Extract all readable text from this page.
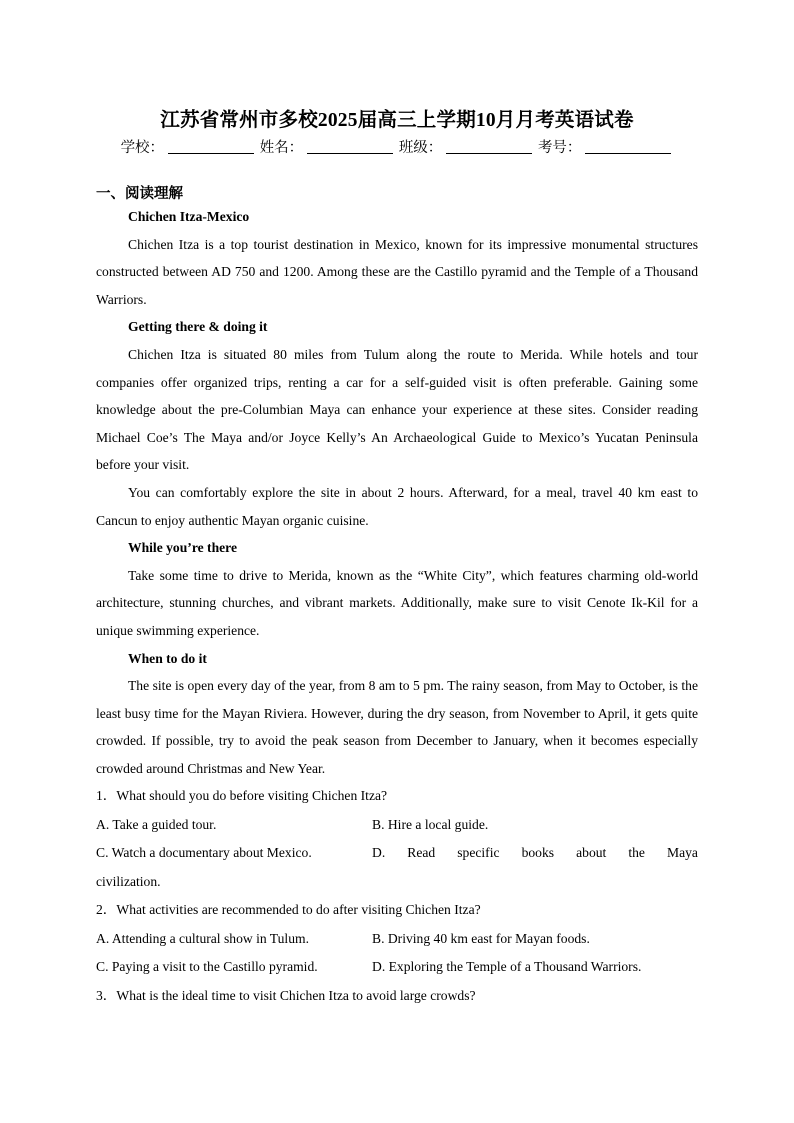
江苏省常州市多校2025届高三上学期10月月考英语试卷
学校：	姓名：	班级：	考号：
一、阅读理解
Chichen Itza-Mexico

Chichen Itza is a top tourist destination in Mexico, known for its impressive monumental structures constructed between AD 750 and 1200. Among these are the Castillo pyramid and the Temple of a Thousand Warriors.

Getting there & doing it

Chichen Itza is situated 80 miles from Tulum along the route to Merida. While hotels and tour companies offer organized trips, renting a car for a self-guided visit is often preferable. Gaining some knowledge about the pre-Columbian Maya can enhance your experience at these sites. Consider reading Michael Coe’s The Maya and/or Joyce Kelly’s An Archaeological Guide to Mexico’s Yucatan Peninsula before your visit.

You can comfortably explore the site in about 2 hours. Afterward, for a meal, travel 40 km east to Cancun to enjoy authentic Mayan organic cuisine.

While you’re there

Take some time to drive to Merida, known as the “White City”, which features charming old-world architecture, stunning churches, and vibrant markets. Additionally, make sure to visit Cenote Ik-Kil for a unique swimming experience.

When to do it

The site is open every day of the year, from 8 am to 5 pm. The rainy season, from May to October, is the least busy time for the Mayan Riviera. However, during the dry season, from November to April, it gets quite crowded. If possible, try to avoid the peak season from December to January, when it becomes especially crowded around Christmas and New Year.

1．What should you do before visiting Chichen Itza?

A. Take a guided tour.	B. Hire a local guide.
C. Watch a documentary about Mexico.	D. Read specific books about the Maya
civilization.

2．What activities are recommended to do after visiting Chichen Itza?

A. Attending a cultural show in Tulum.	B. Driving 40 km east for Mayan foods.
C. Paying a visit to the Castillo pyramid.	D. Exploring the Temple of a Thousand Warriors.

3．What is the ideal time to visit Chichen Itza to avoid large crowds?
